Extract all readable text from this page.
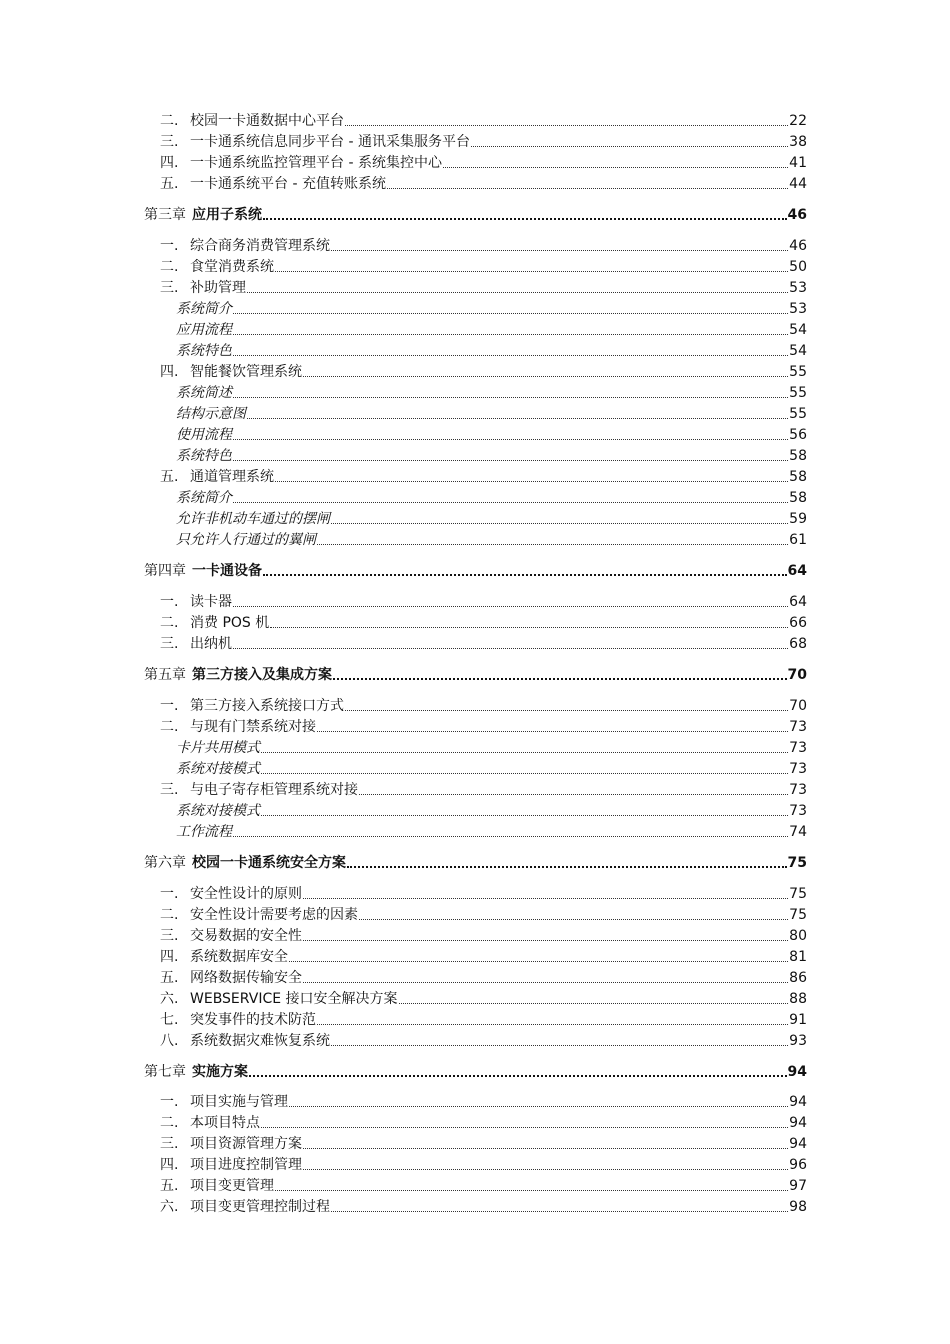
二. 校园一卡通数据中心平台	22
三. 一卡通系统信息同步平台 - 通讯采集服务平台	38
四. 一卡通系统监控管理平台 - 系统集控中心	41
五. 一卡通系统平台 - 充值转账系统	44
第三章 应用子系统	46
一. 综合商务消费管理系统	46
二. 食堂消费系统	50
三. 补助管理	53
系统简介	53
应用流程	54
系统特色	54
四. 智能餐饮管理系统	55
系统简述	55
结构示意图	55
使用流程	56
系统特色	58
五. 通道管理系统	58
系统简介	58
允许非机动车通过的摆闸	59
只允许人行通过的翼闸	61
第四章 一卡通设备	64
一. 读卡器	64
二. 消费 POS 机	66
三. 出纳机	68
第五章 第三方接入及集成方案	70
一. 第三方接入系统接口方式	70
二. 与现有门禁系统对接	73
卡片共用模式	73
系统对接模式	73
三. 与电子寄存柜管理系统对接	73
系统对接模式	73
工作流程	74
第六章 校园一卡通系统安全方案	75
一. 安全性设计的原则	75
二. 安全性设计需要考虑的因素	75
三. 交易数据的安全性	80
四. 系统数据库安全	81
五. 网络数据传输安全	86
六. WEBSERVICE 接口安全解决方案	88
七. 突发事件的技术防范	91
八. 系统数据灾难恢复系统	93
第七章 实施方案	94
一. 项目实施与管理	94
二. 本项目特点	94
三. 项目资源管理方案	94
四. 项目进度控制管理	96
五. 项目变更管理	97
六. 项目变更管理控制过程	98
